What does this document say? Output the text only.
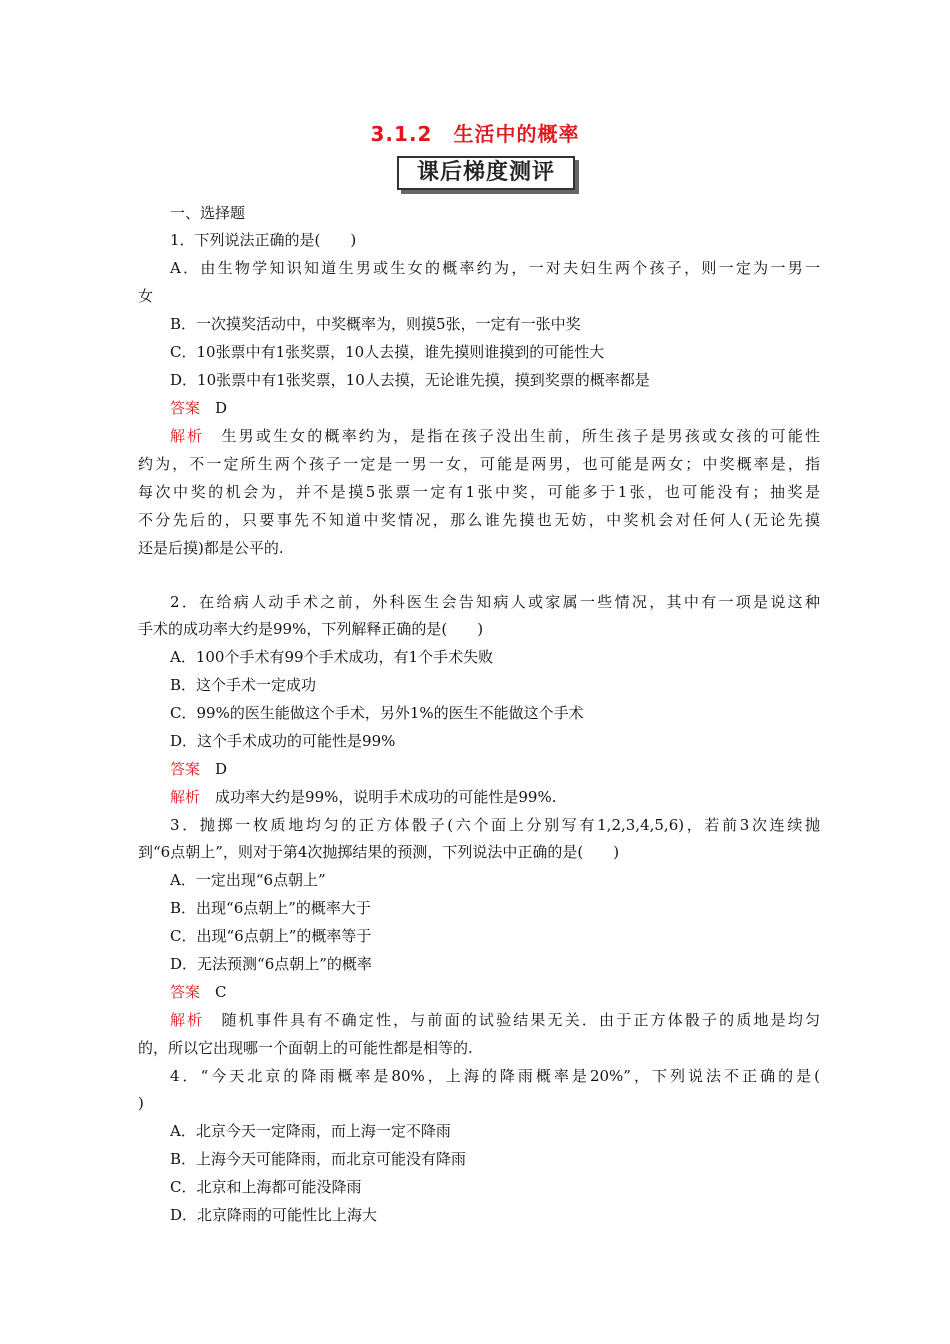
3.1.2　生活中的概率
课后梯度测评
一、选择题
1．下列说法正确的是(　　)
A．由生物学知识知道生男或生女的概率约为，一对夫妇生两个孩子，则一定为一男一
女
B．一次摸奖活动中，中奖概率为，则摸5张，一定有一张中奖
C．10张票中有1张奖票，10人去摸，谁先摸则谁摸到的可能性大
D．10张票中有1张奖票，10人去摸，无论谁先摸，摸到奖票的概率都是
答案　 D
解析　 生男或生女的概率约为，是指在孩子没出生前，所生孩子是男孩或女孩的可能性
约为，不一定所生两个孩子一定是一男一女，可能是两男，也可能是两女；中奖概率是，指
每次中奖的机会为，并不是摸5张票一定有1张中奖，可能多于1张，也可能没有；抽奖是
不分先后的，只要事先不知道中奖情况，那么谁先摸也无妨，中奖机会对任何人(无论先摸
还是后摸)都是公平的.
2．在给病人动手术之前，外科医生会告知病人或家属一些情况，其中有一项是说这种
手术的成功率大约是99%，下列解释正确的是(　　)
A．100个手术有99个手术成功，有1个手术失败
B．这个手术一定成功
C．99%的医生能做这个手术，另外1%的医生不能做这个手术
D．这个手术成功的可能性是99%
答案　 D
解析　 成功率大约是99%，说明手术成功的可能性是99%.
3．抛掷一枚质地均匀的正方体骰子(六个面上分别写有1,2,3,4,5,6)，若前3次连续抛
到“6点朝上”，则对于第4次抛掷结果的预测，下列说法中正确的是(　　)
A．一定出现“6点朝上”
B．出现“6点朝上”的概率大于
C．出现“6点朝上”的概率等于
D．无法预测“6点朝上”的概率
答案　 C
解析　 随机事件具有不确定性，与前面的试验结果无关．由于正方体骰子的质地是均匀
的，所以它出现哪一个面朝上的可能性都是相等的.
4．“今天北京的降雨概率是80%，上海的降雨概率是20%”，下列说法不正确的是(
)
A．北京今天一定降雨，而上海一定不降雨
B．上海今天可能降雨，而北京可能没有降雨
C．北京和上海都可能没降雨
D．北京降雨的可能性比上海大
